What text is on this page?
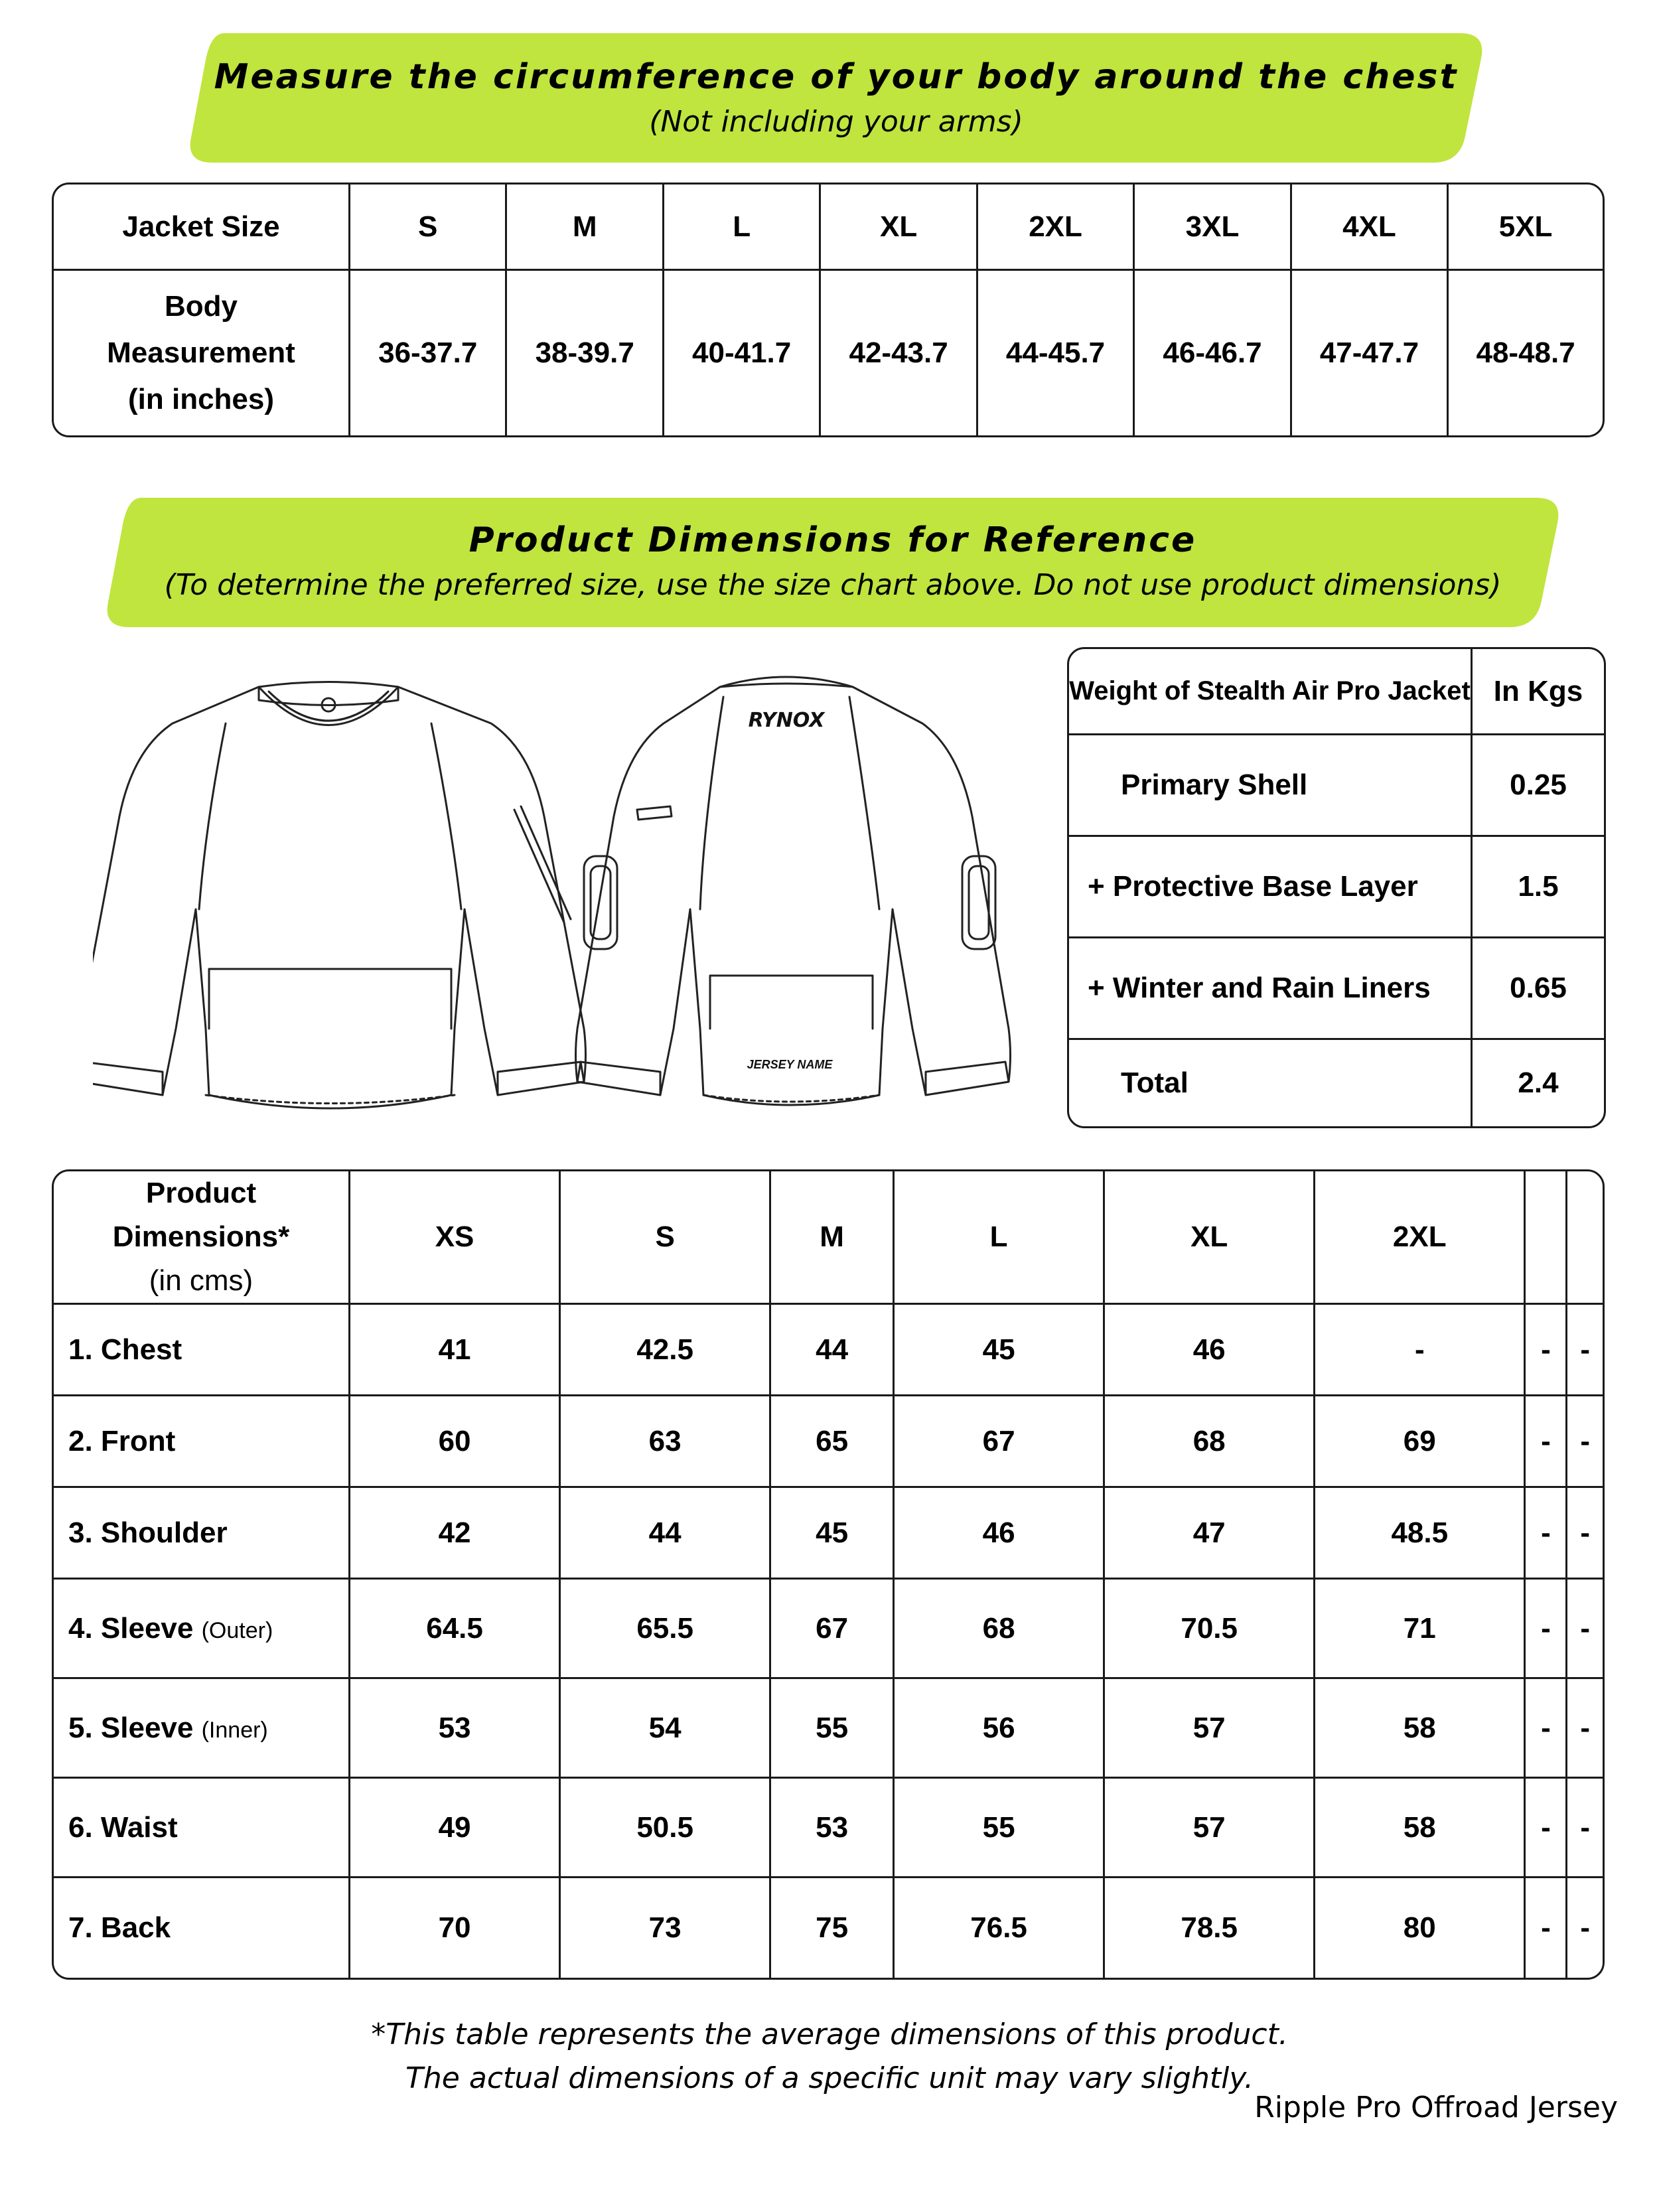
Measure the circumference of your body around the chest
(Not including your arms)
Jacket Size	S	M	L	XL	2XL	3XL	4XL	5XL

Body
Measurement
(in inches)	36-37.7	38-39.7	40-41.7	42-43.7	44-45.7	46-46.7	47-47.7	48-48.7
Product Dimensions for Reference
(To determine the preferred size, use the size chart above. Do not use product dimensions)
RYNOX
JERSEY NAME
Weight of Stealth Air Pro Jacket	In Kgs
Primary Shell	0.25
+ Protective Base Layer	1.5
+ Winter and Rain Liners	0.65
Total	2.4
Product Dimensions*
(in cms)	XS	S	M	L	XL	2XL		
1. Chest	41	42.5	44	45	46	-	-	-
2. Front	60	63	65	67	68	69	-	-
3. Shoulder	42	44	45	46	47	48.5	-	-
4. Sleeve (Outer)	64.5	65.5	67	68	70.5	71	-	-
5. Sleeve (Inner)	53	54	55	56	57	58	-	-
6. Waist	49	50.5	53	55	57	58	-	-
7. Back	70	73	75	76.5	78.5	80	-	-
*This table represents the average dimensions of this product.
The actual dimensions of a specific unit may vary slightly.
Ripple Pro Offroad Jersey
